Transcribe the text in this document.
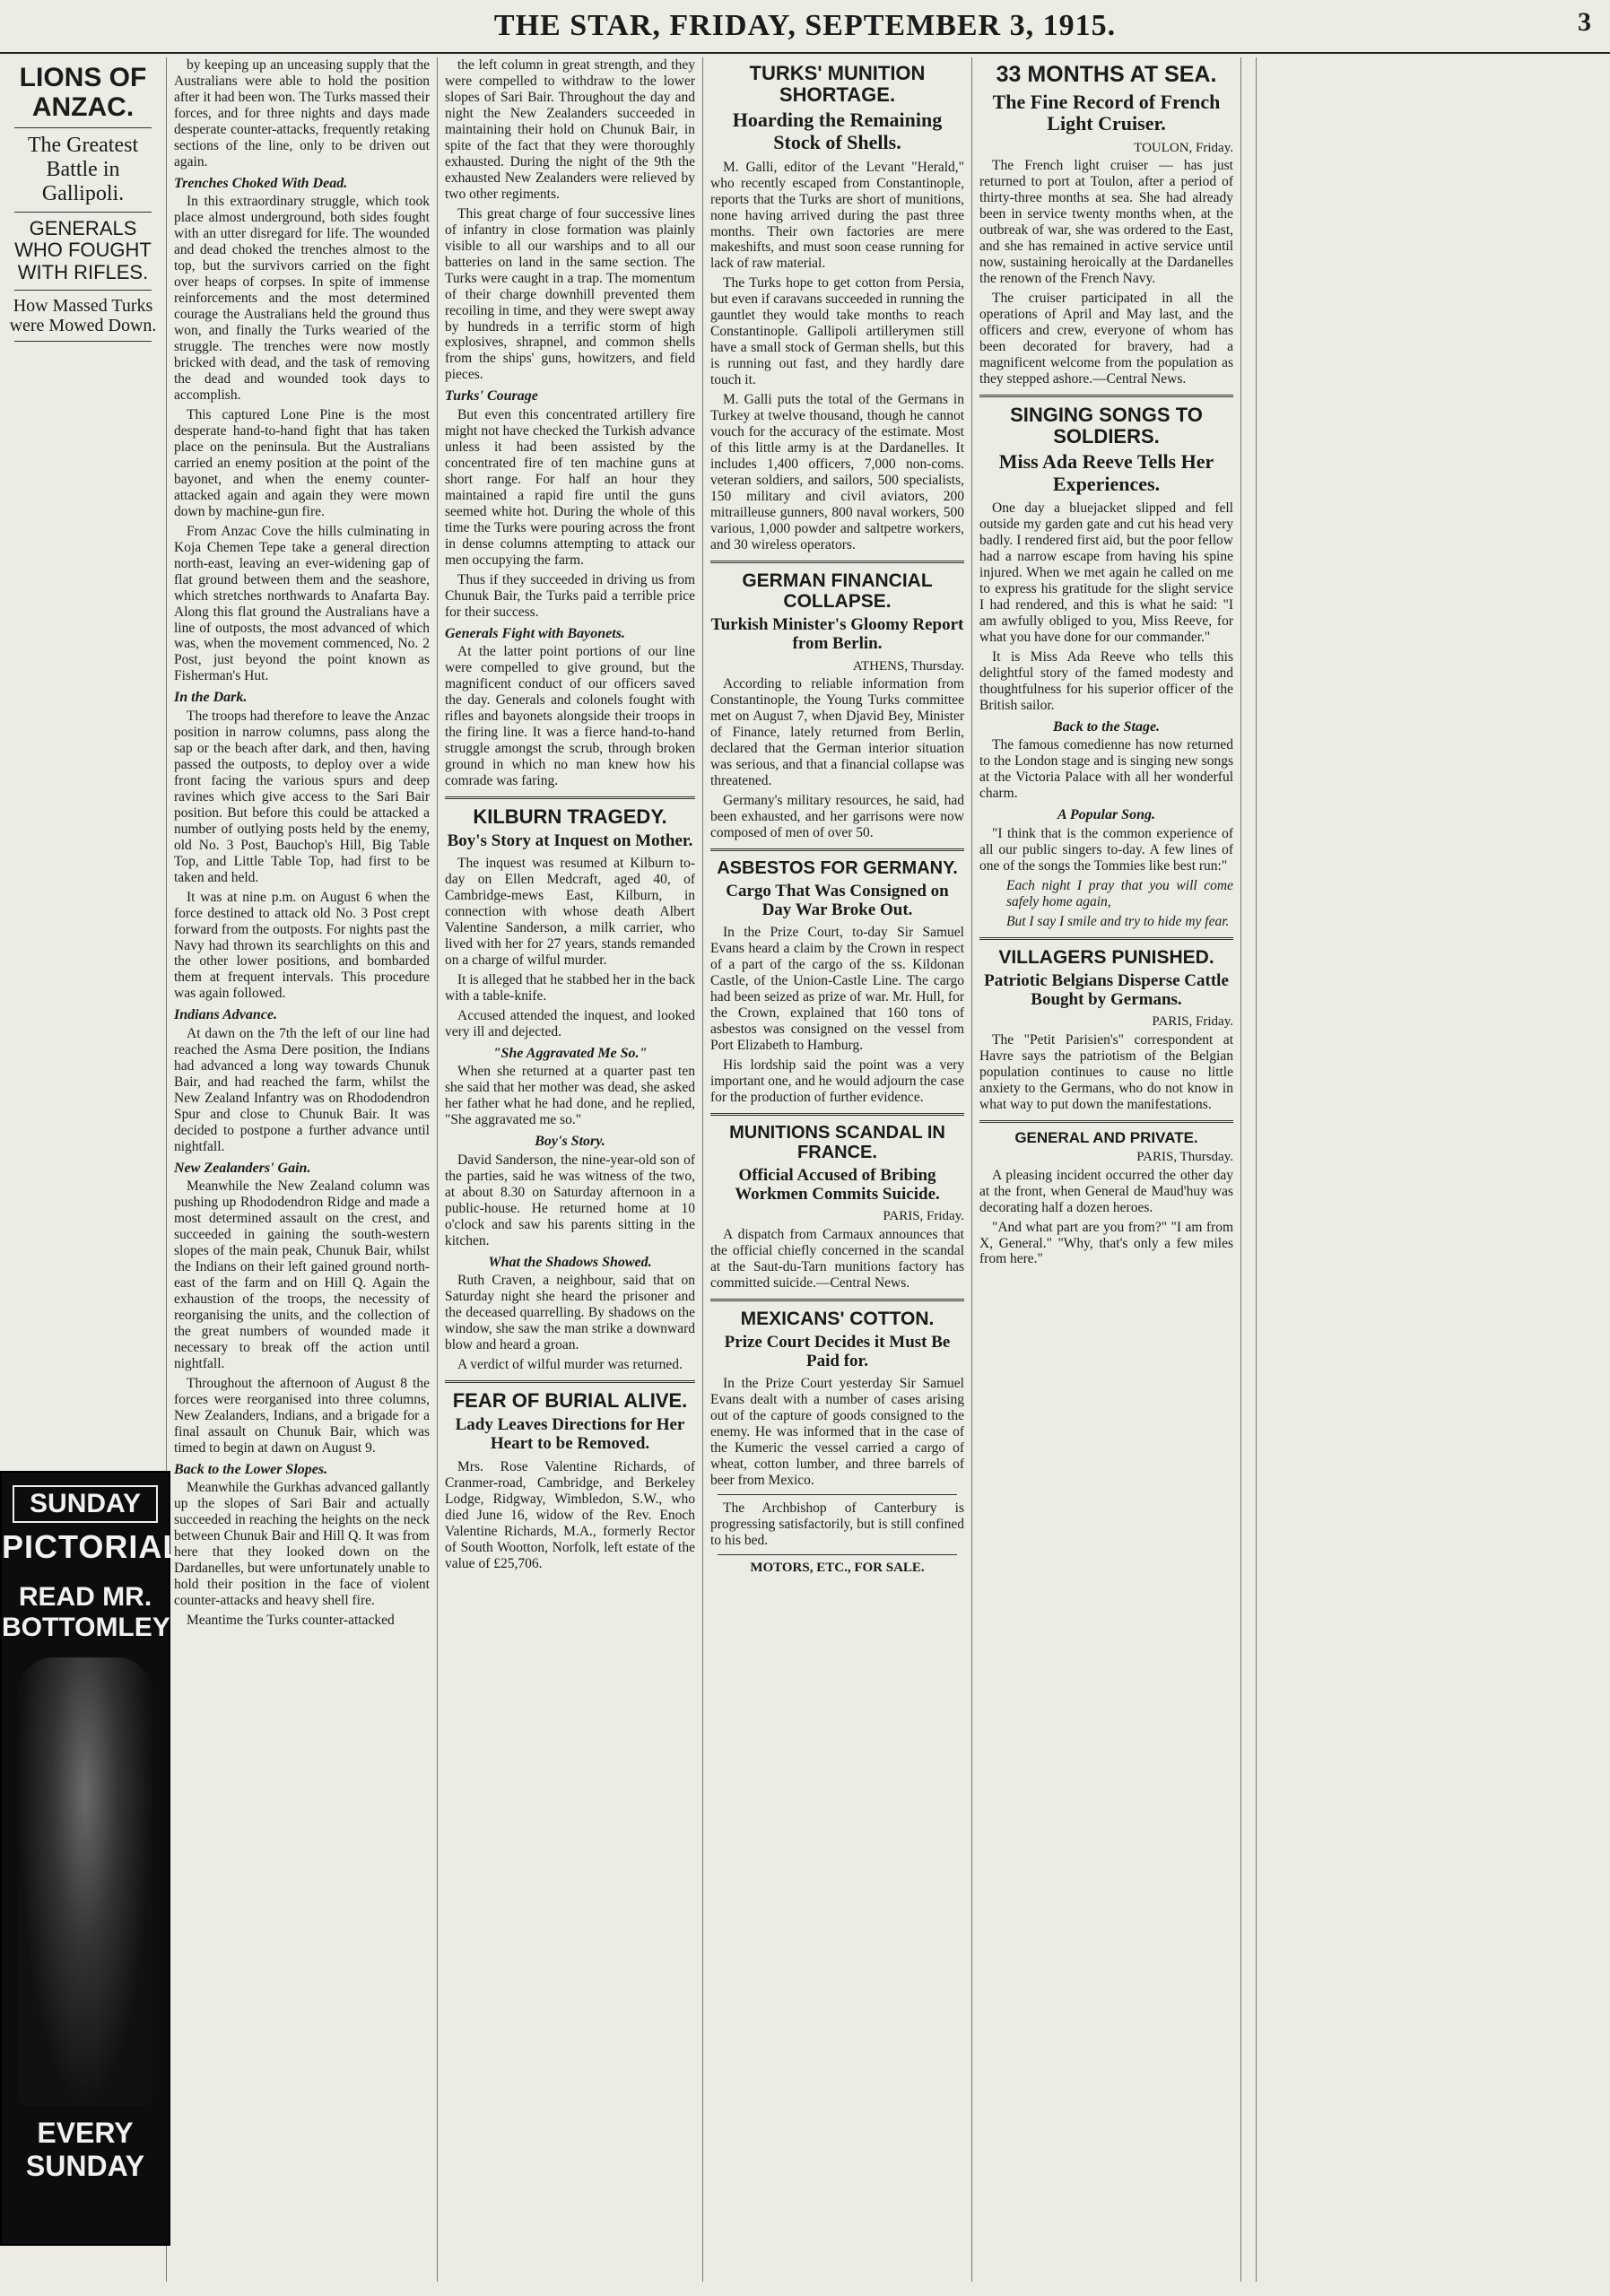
THE STAR, FRIDAY, SEPTEMBER 3, 1915.	3
LIONS OF ANZAC.
The Greatest Battle in Gallipoli.
GENERALS WHO FOUGHT WITH RIFLES.
How Massed Turks were Mowed Down.
SUNDAY
PICTORIAL
READ MR. BOTTOMLEY
EVERY SUNDAY

by keeping up an unceasing supply that the Australians were able to hold the position after it had been won. The Turks massed their forces, and for three nights and days made desperate counter-attacks, frequently retaking sections of the line, only to be driven out again.

Trenches Choked With Dead.

In this extraordinary struggle, which took place almost underground, both sides fought with an utter disregard for life. The wounded and dead choked the trenches almost to the top, but the survivors carried on the fight over heaps of corpses. In spite of immense reinforcements and the most determined courage the Australians held the ground thus won, and finally the Turks wearied of the struggle. The trenches were now mostly bricked with dead, and the task of removing the dead and wounded took days to accomplish.

This captured Lone Pine is the most desperate hand-to-hand fight that has taken place on the peninsula. But the Australians carried an enemy position at the point of the bayonet, and when the enemy counter-attacked again and again they were mown down by machine-gun fire.

From Anzac Cove the hills culminating in Koja Chemen Tepe take a general direction north-east, leaving an ever-widening gap of flat ground between them and the seashore, which stretches northwards to Anafarta Bay. Along this flat ground the Australians have a line of outposts, the most advanced of which was, when the movement commenced, No. 2 Post, just beyond the point known as Fisherman's Hut.

In the Dark.

The troops had therefore to leave the Anzac position in narrow columns, pass along the sap or the beach after dark, and then, having passed the outposts, to deploy over a wide front facing the various spurs and deep ravines which give access to the Sari Bair position. But before this could be attacked a number of outlying posts held by the enemy, old No. 3 Post, Bauchop's Hill, Big Table Top, and Little Table Top, had first to be taken and held.

It was at nine p.m. on August 6 when the force destined to attack old No. 3 Post crept forward from the outposts. For nights past the Navy had thrown its searchlights on this and the other lower positions, and bombarded them at frequent intervals. This procedure was again followed.

Indians Advance.

At dawn on the 7th the left of our line had reached the Asma Dere position, the Indians had advanced a long way towards Chunuk Bair, and had reached the farm, whilst the New Zealand Infantry was on Rhododendron Spur and close to Chunuk Bair. It was decided to postpone a further advance until nightfall.

New Zealanders' Gain.

Meanwhile the New Zealand column was pushing up Rhododendron Ridge and made a most determined assault on the crest, and succeeded in gaining the south-western slopes of the main peak, Chunuk Bair, whilst the Indians on their left gained ground north-east of the farm and on Hill Q. Again the exhaustion of the troops, the necessity of reorganising the units, and the collection of the great numbers of wounded made it necessary to break off the action until nightfall.

Throughout the afternoon of August 8 the forces were reorganised into three columns, New Zealanders, Indians, and a brigade for a final assault on Chunuk Bair, which was timed to begin at dawn on August 9.

Back to the Lower Slopes.

Meanwhile the Gurkhas advanced gallantly up the slopes of Sari Bair and actually succeeded in reaching the heights on the neck between Chunuk Bair and Hill Q. It was from here that they looked down on the Dardanelles, but were unfortunately unable to hold their position in the face of violent counter-attacks and heavy shell fire.

Meantime the Turks counter-attacked

the left column in great strength, and they were compelled to withdraw to the lower slopes of Sari Bair. Throughout the day and night the New Zealanders succeeded in maintaining their hold on Chunuk Bair, in spite of the fact that they were thoroughly exhausted. During the night of the 9th the exhausted New Zealanders were relieved by two other regiments.

This great charge of four successive lines of infantry in close formation was plainly visible to all our warships and to all our batteries on land in the same section. The Turks were caught in a trap. The momentum of their charge downhill prevented them recoiling in time, and they were swept away by hundreds in a terrific storm of high explosives, shrapnel, and common shells from the ships' guns, howitzers, and field pieces.

Turks' Courage

But even this concentrated artillery fire might not have checked the Turkish advance unless it had been assisted by the concentrated fire of ten machine guns at short range. For half an hour they maintained a rapid fire until the guns seemed white hot. During the whole of this time the Turks were pouring across the front in dense columns attempting to attack our men occupying the farm.

Thus if they succeeded in driving us from Chunuk Bair, the Turks paid a terrible price for their success.

Generals Fight with Bayonets.

At the latter point portions of our line were compelled to give ground, but the magnificent conduct of our officers saved the day. Generals and colonels fought with rifles and bayonets alongside their troops in the firing line. It was a fierce hand-to-hand struggle amongst the scrub, through broken ground in which no man knew how his comrade was faring.

KILBURN TRAGEDY.
Boy's Story at Inquest on Mother.

The inquest was resumed at Kilburn to-day on Ellen Medcraft, aged 40, of Cambridge-mews East, Kilburn, in connection with whose death Albert Valentine Sanderson, a milk carrier, who lived with her for 27 years, stands remanded on a charge of wilful murder.

It is alleged that he stabbed her in the back with a table-knife.

Accused attended the inquest, and looked very ill and dejected.

"She Aggravated Me So."

When she returned at a quarter past ten she said that her mother was dead, she asked her father what he had done, and he replied, "She aggravated me so."

Boy's Story.

David Sanderson, the nine-year-old son of the parties, said he was witness of the two, at about 8.30 on Saturday afternoon in a public-house. He returned home at 10 o'clock and saw his parents sitting in the kitchen.

What the Shadows Showed.

Ruth Craven, a neighbour, said that on Saturday night she heard the prisoner and the deceased quarrelling. By shadows on the window, she saw the man strike a downward blow and heard a groan.

A verdict of wilful murder was returned.

FEAR OF BURIAL ALIVE.
Lady Leaves Directions for Her Heart to be Removed.

Mrs. Rose Valentine Richards, of Cranmer-road, Cambridge, and Berkeley Lodge, Ridgway, Wimbledon, S.W., who died June 16, widow of the Rev. Enoch Valentine Richards, M.A., formerly Rector of South Wootton, Norfolk, left estate of the value of £25,706.

TURKS' MUNITION SHORTAGE.
Hoarding the Remaining Stock of Shells.

M. Galli, editor of the Levant "Herald," who recently escaped from Constantinople, reports that the Turks are short of munitions, none having arrived during the past three months. Their own factories are mere makeshifts, and must soon cease running for lack of raw material.

The Turks hope to get cotton from Persia, but even if caravans succeeded in running the gauntlet they would take months to reach Constantinople. Gallipoli artillerymen still have a small stock of German shells, but this is running out fast, and they hardly dare touch it.

M. Galli puts the total of the Germans in Turkey at twelve thousand, though he cannot vouch for the accuracy of the estimate. Most of this little army is at the Dardanelles. It includes 1,400 officers, 7,000 non-coms. veteran soldiers, and sailors, 500 specialists, 150 military and civil aviators, 200 mitrailleuse gunners, 800 naval workers, 500 various, 1,000 powder and saltpetre workers, and 30 wireless operators.

GERMAN FINANCIAL COLLAPSE.
Turkish Minister's Gloomy Report from Berlin.
ATHENS, Thursday.

According to reliable information from Constantinople, the Young Turks committee met on August 7, when Djavid Bey, Minister of Finance, lately returned from Berlin, declared that the German interior situation was serious, and that a financial collapse was threatened.

Germany's military resources, he said, had been exhausted, and her garrisons were now composed of men of over 50.

ASBESTOS FOR GERMANY.
Cargo That Was Consigned on Day War Broke Out.

In the Prize Court, to-day Sir Samuel Evans heard a claim by the Crown in respect of a part of the cargo of the ss. Kildonan Castle, of the Union-Castle Line. The cargo had been seized as prize of war. Mr. Hull, for the Crown, explained that 160 tons of asbestos was consigned on the vessel from Port Elizabeth to Hamburg.

His lordship said the point was a very important one, and he would adjourn the case for the production of further evidence.

MUNITIONS SCANDAL IN FRANCE.
Official Accused of Bribing Workmen Commits Suicide.
PARIS, Friday.

A dispatch from Carmaux announces that the official chiefly concerned in the scandal at the Saut-du-Tarn munitions factory has committed suicide.—Central News.

MEXICANS' COTTON.
Prize Court Decides it Must Be Paid for.

In the Prize Court yesterday Sir Samuel Evans dealt with a number of cases arising out of the capture of goods consigned to the enemy. He was informed that in the case of the Kumeric the vessel carried a cargo of wheat, cotton lumber, and three barrels of beer from Mexico.

The Archbishop of Canterbury is progressing satisfactorily, but is still confined to his bed.

MOTORS, ETC., FOR SALE.
33 MONTHS AT SEA.
The Fine Record of French Light Cruiser.
TOULON, Friday.

The French light cruiser — has just returned to port at Toulon, after a period of thirty-three months at sea. She had already been in service twenty months when, at the outbreak of war, she was ordered to the East, and she has remained in active service until now, sustaining heroically at the Dardanelles the renown of the French Navy.

The cruiser participated in all the operations of April and May last, and the officers and crew, everyone of whom has been decorated for bravery, had a magnificent welcome from the population as they stepped ashore.—Central News.

SINGING SONGS TO SOLDIERS.
Miss Ada Reeve Tells Her Experiences.

One day a bluejacket slipped and fell outside my garden gate and cut his head very badly. I rendered first aid, but the poor fellow had a narrow escape from having his spine injured. When we met again he called on me to express his gratitude for the slight service I had rendered, and this is what he said: "I am awfully obliged to you, Miss Reeve, for what you have done for our commander."

It is Miss Ada Reeve who tells this delightful story of the famed modesty and thoughtfulness for his superior officer of the British sailor.

Back to the Stage.

The famous comedienne has now returned to the London stage and is singing new songs at the Victoria Palace with all her wonderful charm.

A Popular Song.

"I think that is the common experience of all our public singers to-day. A few lines of one of the songs the Tommies like best run:"

Each night I pray that you will come safely home again,

But I say I smile and try to hide my fear.

VILLAGERS PUNISHED.
Patriotic Belgians Disperse Cattle Bought by Germans.
PARIS, Friday.

The "Petit Parisien's" correspondent at Havre says the patriotism of the Belgian population continues to cause no little anxiety to the Germans, who do not know in what way to put down the manifestations.

GENERAL AND PRIVATE.
PARIS, Thursday.

A pleasing incident occurred the other day at the front, when General de Maud'huy was decorating half a dozen heroes.

"And what part are you from?" "I am from X, General." "Why, that's only a few miles from here."
